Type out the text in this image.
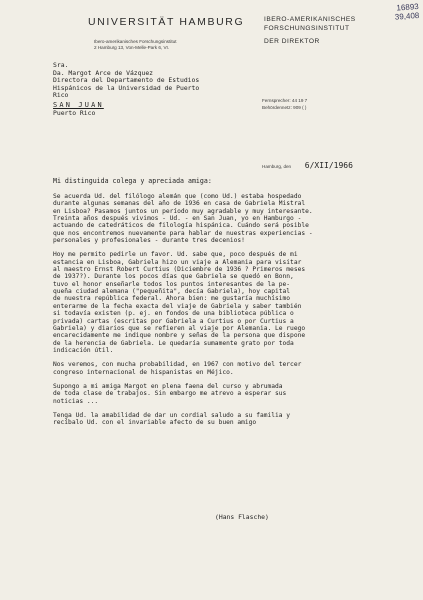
16893
39,408
UNIVERSITÄT HAMBURG	IBERO-AMERIKANISCHES
FORSCHUNGSINSTITUT
DER DIREKTOR
Ibero-amerikanisches Forschungsinstitut
2 Hamburg 13, Von-Melle-Park 6, VI.
Sra.
Da. Margot Arce de Vázquez
Directora del Departamento de Estudios
Hispánicos de la Universidad de Puerto
Rico
SAN JUAN
Puerto Rico
Fernsprecher: 44 19 7
Behördennetz: 909 ( )
Hamburg, den 6/XII/1966
Mi distinguida colega y apreciada amiga:

Se acuerda Ud. del filólogo alemán que (como Ud.) estaba hospedado
durante algunas semanas del año de 1936 en casa de Gabriela Mistral
en Lisboa? Pasamos juntos un período muy agradable y muy interesante.
Treinta años después vivimos - Ud. - en San Juan, yo en Hamburgo -
actuando de catedráticos de filología hispánica. Cuándo será posible
que nos encontremos nuevamente para hablar de nuestras experiencias -
personales y profesionales - durante tres decenios!

Hoy me permito pedirle un favor. Ud. sabe que, poco después de mi
estancia en Lisboa, Gabriela hizo un viaje a Alemania para visitar
al maestro Ernst Robert Curtius (Diciembre de 1936 ? Primeros meses
de 1937?). Durante los pocos días que Gabriela se quedó en Bonn,
tuvo el honor enseñarle todos los puntos interesantes de la pe-
queña ciudad alemana ("pequeñita", decía Gabriela), hoy capital
de nuestra república federal. Ahora bien: me gustaría muchísimo
enterarme de la fecha exacta del viaje de Gabriela y saber también
si todavía existen (p. ej. en fondos de una biblioteca pública o
privada) cartas (escritas por Gabriela a Curtius o por Curtius a
Gabriela) y diarios que se refieren al viaje por Alemania. Le ruego
encarecidamente me indique nombre y señas de la persona que dispone
de la herencia de Gabriela. Le quedaría sumamente grato por toda
indicación útil.

Nos veremos, con mucha probabilidad, en 1967 con motivo del tercer
congreso internacional de hispanistas en Méjico.

Supongo a mi amiga Margot en plena faena del curso y abrumada
de toda clase de trabajos. Sin embargo me atrevo a esperar sus
noticias ...

Tenga Ud. la amabilidad de dar un cordial saludo a su familia y
recíbalo Ud. con el invariable afecto de su buen amigo

(Hans Flasche)
